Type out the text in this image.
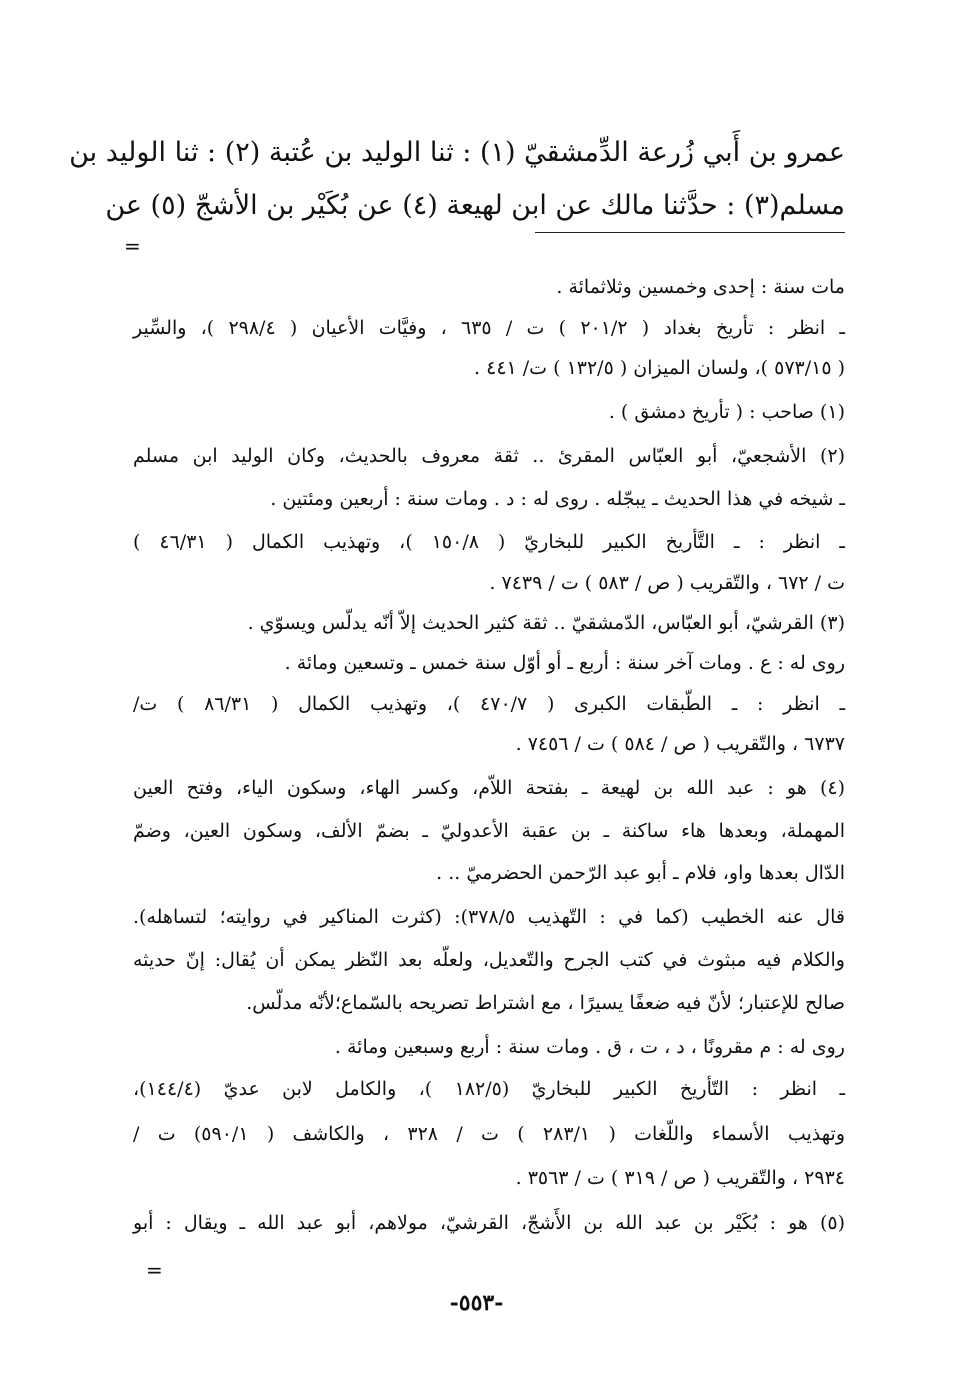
عمرو بن أَبي زُرعة الدِّمشقيّ (١) : ثنا الوليد بن عُتبة (٢) : ثنا الوليد بن
مسلم(٣) : حدَّثنا مالك عن ابن لهيعة (٤) عن بُكَيْر بن الأشجّ (٥) عن
=
مات سنة : إحدى وخمسين وثلاثمائة .
ـ انظر : تأريخ بغداد ( ٢٠١/٢ ) ت / ٦٣٥ ، وفيَّات الأعيان ( ٢٩٨/٤ )، والسِّير
( ٥٧٣/١٥ )، ولسان الميزان ( ١٣٢/٥ ) ت/ ٤٤١ .
(١) صاحب : ( تأريخ دمشق ) .
(٢) الأشجعيّ، أبو العبّاس المقرئ .. ثقة معروف بالحديث، وكان الوليد ابن مسلم
ـ شيخه في هذا الحديث ـ يبجّله . روى له : د . ومات سنة : أربعين ومئتين .
ـ انظر : ـ التَّأريخ الكبير للبخاريّ ( ١٥٠/٨ )، وتهذيب الكمال ( ٤٦/٣١ )
ت / ٦٧٢ ، والتّقريب ( ص / ٥٨٣ ) ت / ٧٤٣٩ .
(٣) القرشيّ، أبو العبّاس، الدّمشقيّ .. ثقة كثير الحديث إلاّ أنّه يدلّس ويسوّي .
روى له : ع . ومات آخر سنة : أربع ـ أو أوّل سنة خمس ـ وتسعين ومائة .
ـ انظر : ـ الطّبقات الكبرى ( ٤٧٠/٧ )، وتهذيب الكمال ( ٨٦/٣١ ) ت/
٦٧٣٧ ، والتّقريب ( ص / ٥٨٤ ) ت / ٧٤٥٦ .
(٤) هو : عبد الله بن لهيعة ـ بفتحة اللاّم، وكسر الهاء، وسكون الياء، وفتح العين
المهملة، وبعدها هاء ساكنة ـ بن عقبة الأعدوليّ ـ بضمّ الألف، وسكون العين، وضمّ
الدّال بعدها واو، فلام ـ أبو عبد الرّحمن الحضرميّ .. .
قال عنه الخطيب (كما في : التّهذيب ٣٧٨/٥): (كثرت المناكير في روايته؛ لتساهله).
والكلام فيه مبثوث في كتب الجرح والتّعديل، ولعلّه بعد النّظر يمكن أن يُقال: إنّ حديثه
صالح للإعتبار؛ لأنّ فيه ضعفًا يسيرًا ، مع اشتراط تصريحه بالسّماع؛لأنّه مدلّس.
روى له : م مقرونًا ، د ، ت ، ق . ومات سنة : أربع وسبعين ومائة .
ـ انظر : التّأريخ الكبير للبخاريّ (١٨٢/٥ )، والكامل لابن عديّ (١٤٤/٤)،
وتهذيب الأسماء واللّغات ( ٢٨٣/١ ) ت / ٣٢٨ ، والكاشف ( ٥٩٠/١) ت /
٢٩٣٤ ، والتّقريب ( ص / ٣١٩ ) ت / ٣٥٦٣ .
(٥) هو : بُكَيْر بن عبد الله بن الأَشجّ، القرشيّ، مولاهم، أبو عبد الله ـ ويقال : أبو
=
-٥٥٣-
